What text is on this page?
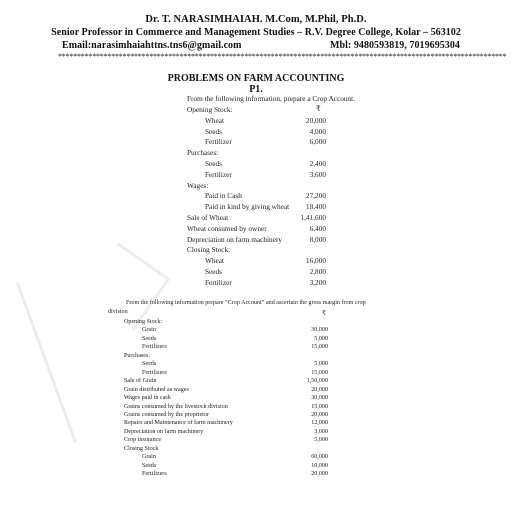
Dr. T. NARASIMHAIAH. M.Com, M.Phil, Ph.D.
Senior Professor in Commerce and Management Studies – R.V. Degree College, Kolar – 563102
Email:narasimhaiahttns.tns6@gmail.com	Mbl: 9480593819, 7019695304
**********************************************************************************************************************
PROBLEMS ON FARM ACCOUNTING
P1.
From the following information, prepare a Crop Account.
₹
Opening Stock:
Wheat	20,000
Seeds	4,000
Fertilizer	6,000
Purchases:
Seeds	2,400
Fertilizer	3,600
Wages:
Paid in Cash	27,200
Paid in kind by giving wheat	18,400
Sale of Wheat	1,41,600
Wheat consumed by owner	6,400
Depreciation on farm machinery	8,000
Closing Stock:
Wheat	16,000
Seeds	2,800
Fertilizer	3,200
From the following information prepare “Crop Account” and ascertain the gross margin from crop
division	₹
Opening Stock:
Grain	30,000
Seeds	5,000
Fertilizers	15,000
Purchases:
Seeds	5,000
Fertilizers	15,000
Sale of Grain	1,50,000
Grain distributed as wages	20,000
Wages paid in cash	30,000
Grains consumed by the livestock division	15,000
Grains consumed by the proprietor	20,000
Repairs and Maintenance of farm machinery	12,000
Depreciation on farm machinery	3,000
Crop insurance	5,000
Closing Stock
Grain	60,000
Seeds	10,000
Fertilizers	20,000
